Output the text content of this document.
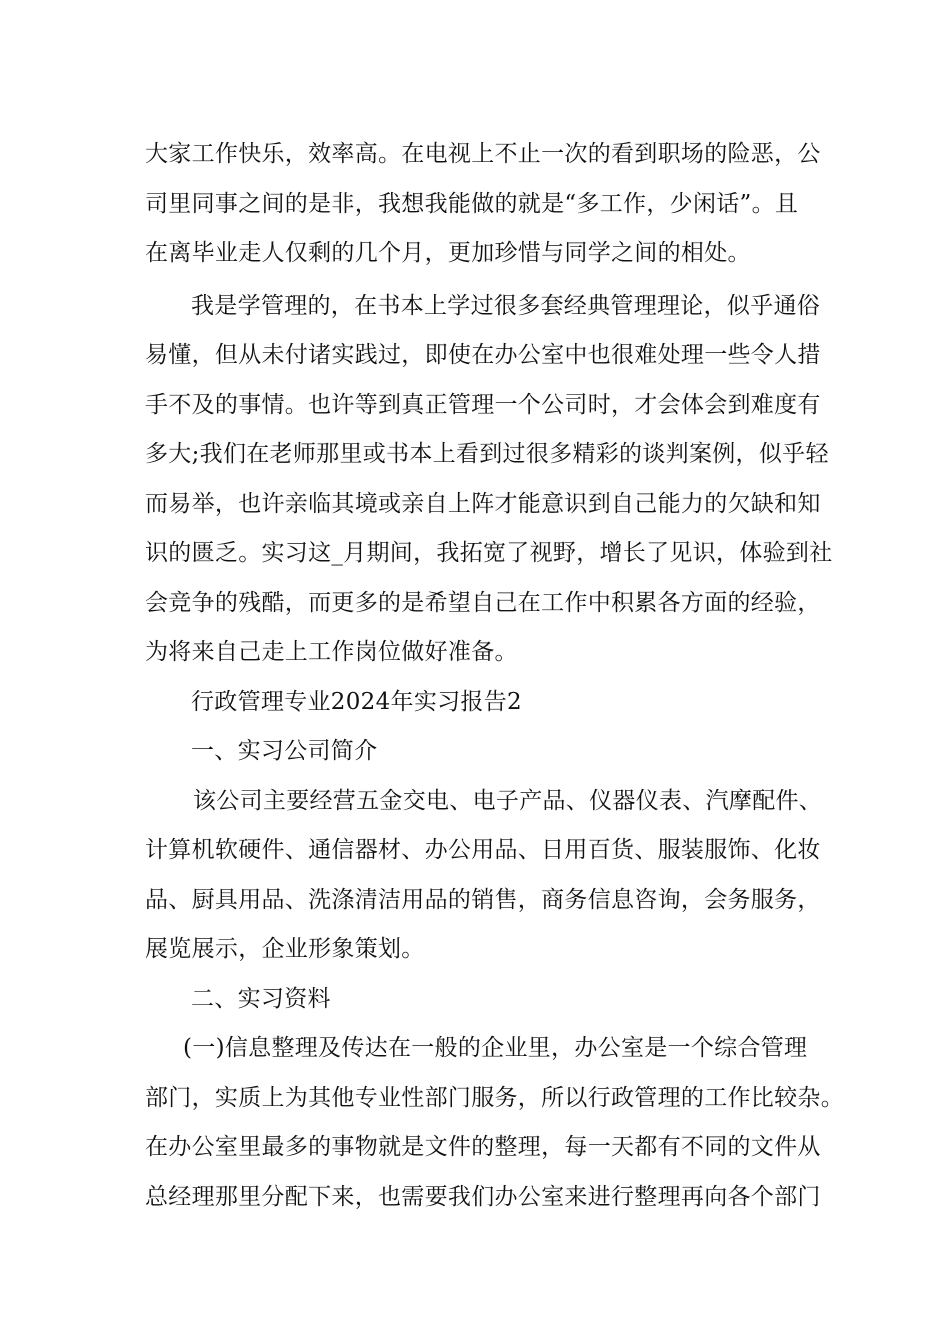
大家工作快乐，效率高。在电视上不止一次的看到职场的险恶，公
司里同事之间的是非，我想我能做的就是“多工作，少闲话”。且
在离毕业走人仅剩的几个月，更加珍惜与同学之间的相处。
我是学管理的，在书本上学过很多套经典管理理论，似乎通俗
易懂，但从未付诸实践过，即使在办公室中也很难处理一些令人措
手不及的事情。也许等到真正管理一个公司时，才会体会到难度有
多大;我们在老师那里或书本上看到过很多精彩的谈判案例，似乎轻
而易举，也许亲临其境或亲自上阵才能意识到自己能力的欠缺和知
识的匮乏。实习这_月期间，我拓宽了视野，增长了见识，体验到社
会竞争的残酷，而更多的是希望自己在工作中积累各方面的经验，
为将来自己走上工作岗位做好准备。
行政管理专业2024年实习报告2
一、实习公司简介
该公司主要经营五金交电、电子产品、仪器仪表、汽摩配件、
计算机软硬件、通信器材、办公用品、日用百货、服装服饰、化妆
品、厨具用品、洗涤清洁用品的销售，商务信息咨询，会务服务，
展览展示，企业形象策划。
二、实习资料
(一)信息整理及传达在一般的企业里，办公室是一个综合管理
部门，实质上为其他专业性部门服务，所以行政管理的工作比较杂。
在办公室里最多的事物就是文件的整理，每一天都有不同的文件从
总经理那里分配下来，也需要我们办公室来进行整理再向各个部门
